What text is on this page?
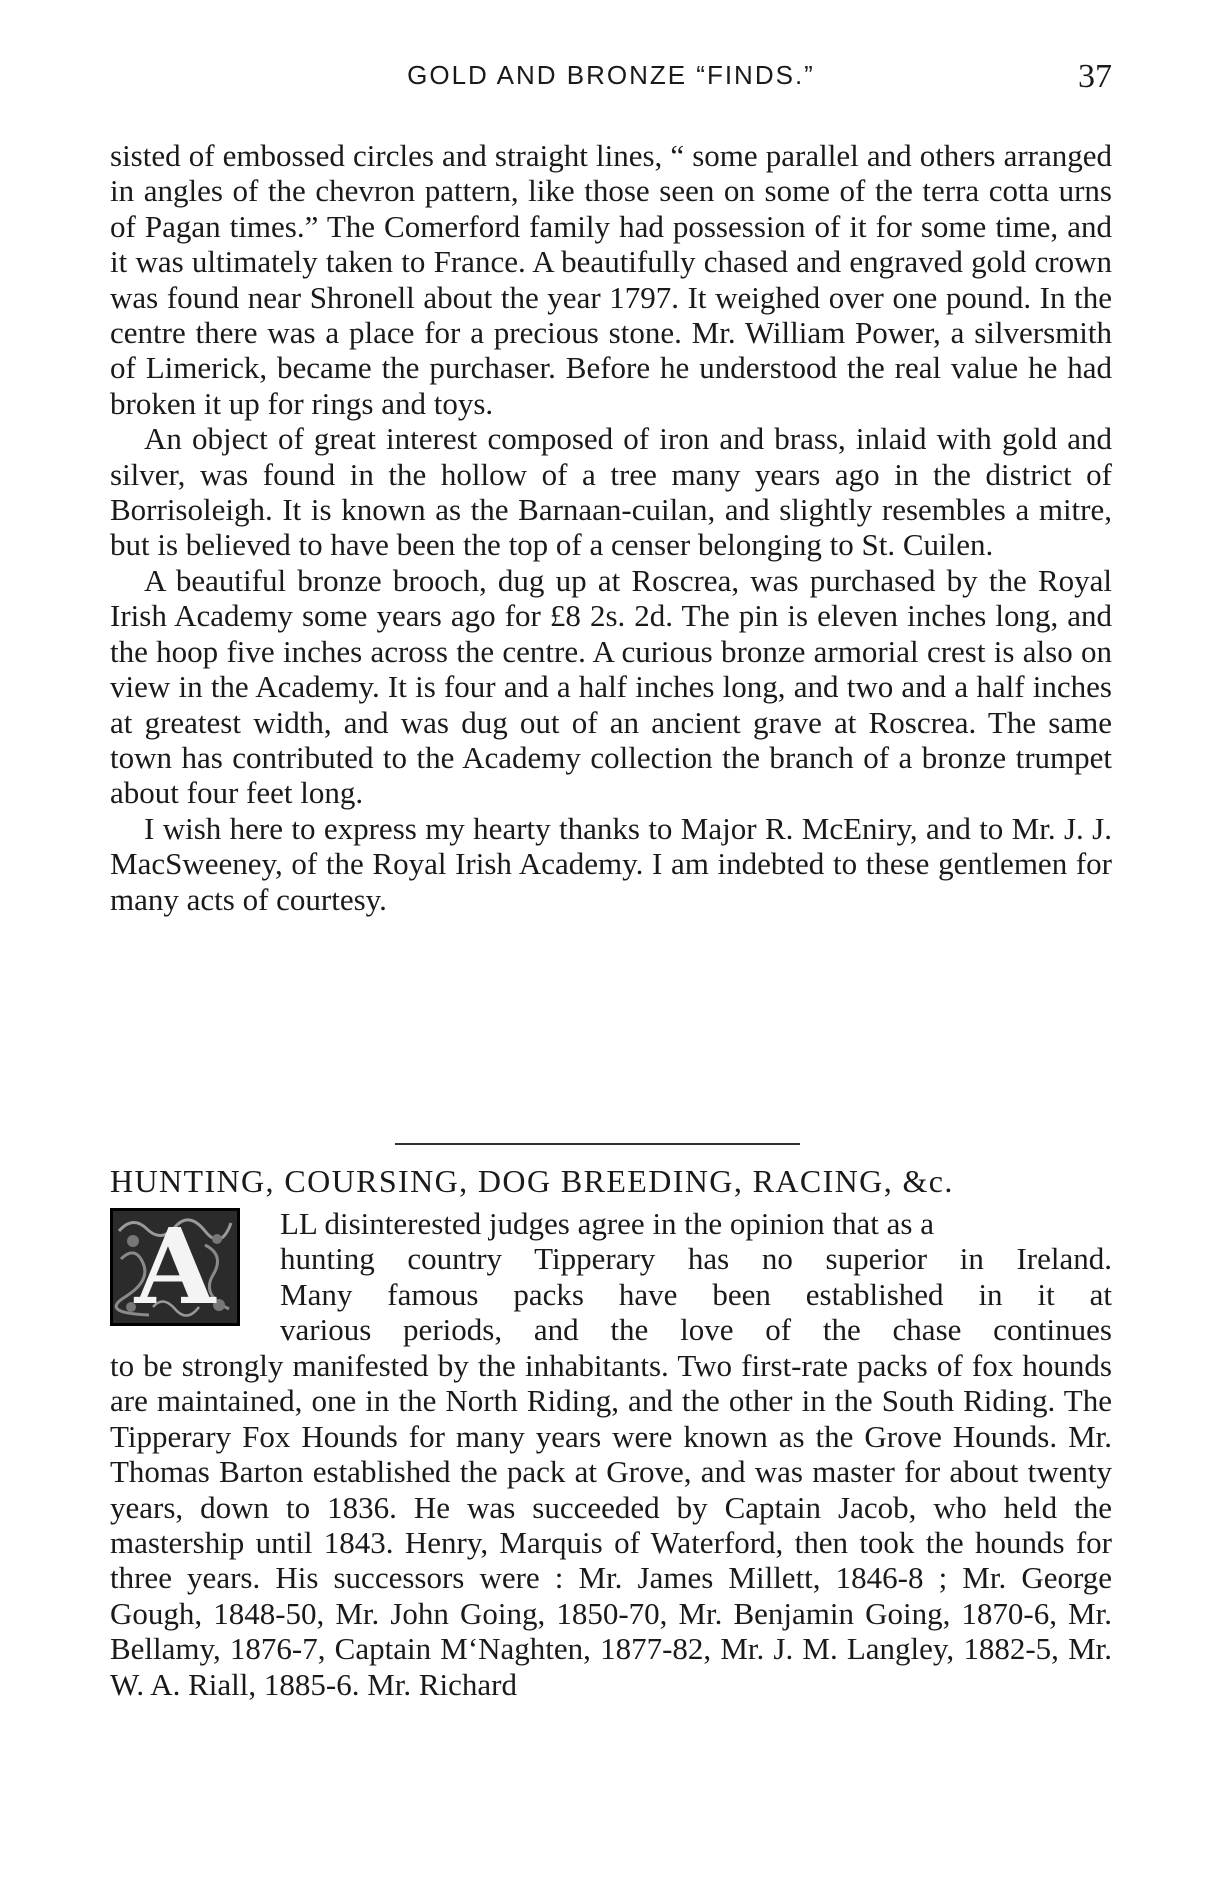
GOLD AND BRONZE “FINDS.”	37

sisted of embossed circles and straight lines, “ some parallel and others arranged in angles of the chevron pattern, like those seen on some of the terra cotta urns of Pagan times.” The Comerford family had possession of it for some time, and it was ultimately taken to France. A beautifully chased and engraved gold crown was found near Shronell about the year 1797. It weighed over one pound. In the centre there was a place for a precious stone. Mr. William Power, a silversmith of Limerick, became the purchaser. Before he understood the real value he had broken it up for rings and toys.

An object of great interest composed of iron and brass, inlaid with gold and silver, was found in the hollow of a tree many years ago in the district of Borrisoleigh. It is known as the Barnaan-cuilan, and slightly resembles a mitre, but is believed to have been the top of a censer belonging to St. Cuilen.

A beautiful bronze brooch, dug up at Roscrea, was purchased by the Royal Irish Academy some years ago for £8 2s. 2d. The pin is eleven inches long, and the hoop five inches across the centre. A curious bronze armorial crest is also on view in the Academy. It is four and a half inches long, and two and a half inches at greatest width, and was dug out of an ancient grave at Roscrea. The same town has contributed to the Academy collection the branch of a bronze trumpet about four feet long.

I wish here to express my hearty thanks to Major R. McEniry, and to Mr. J. J. MacSweeney, of the Royal Irish Academy. I am indebted to these gentlemen for many acts of courtesy.

HUNTING, COURSING, DOG BREEDING, RACING, &c.
A	LL disinterested judges agree in the opinion that as a
hunting country Tipperary has no superior in Ireland.
Many famous packs have been established in it at
various periods, and the love of the chase continues

to be strongly manifested by the inhabitants. Two first-rate packs of fox hounds are maintained, one in the North Riding, and the other in the South Riding. The Tipperary Fox Hounds for many years were known as the Grove Hounds. Mr. Thomas Barton established the pack at Grove, and was master for about twenty years, down to 1836. He was succeeded by Captain Jacob, who held the mastership until 1843. Henry, Marquis of Waterford, then took the hounds for three years. His successors were : Mr. James Millett, 1846-8 ; Mr. George Gough, 1848-50, Mr. John Going, 1850-70, Mr. Benjamin Going, 1870-6, Mr. Bellamy, 1876-7, Captain M‘Naghten, 1877-82, Mr. J. M. Langley, 1882-5, Mr. W. A. Riall, 1885-6. Mr. Richard
